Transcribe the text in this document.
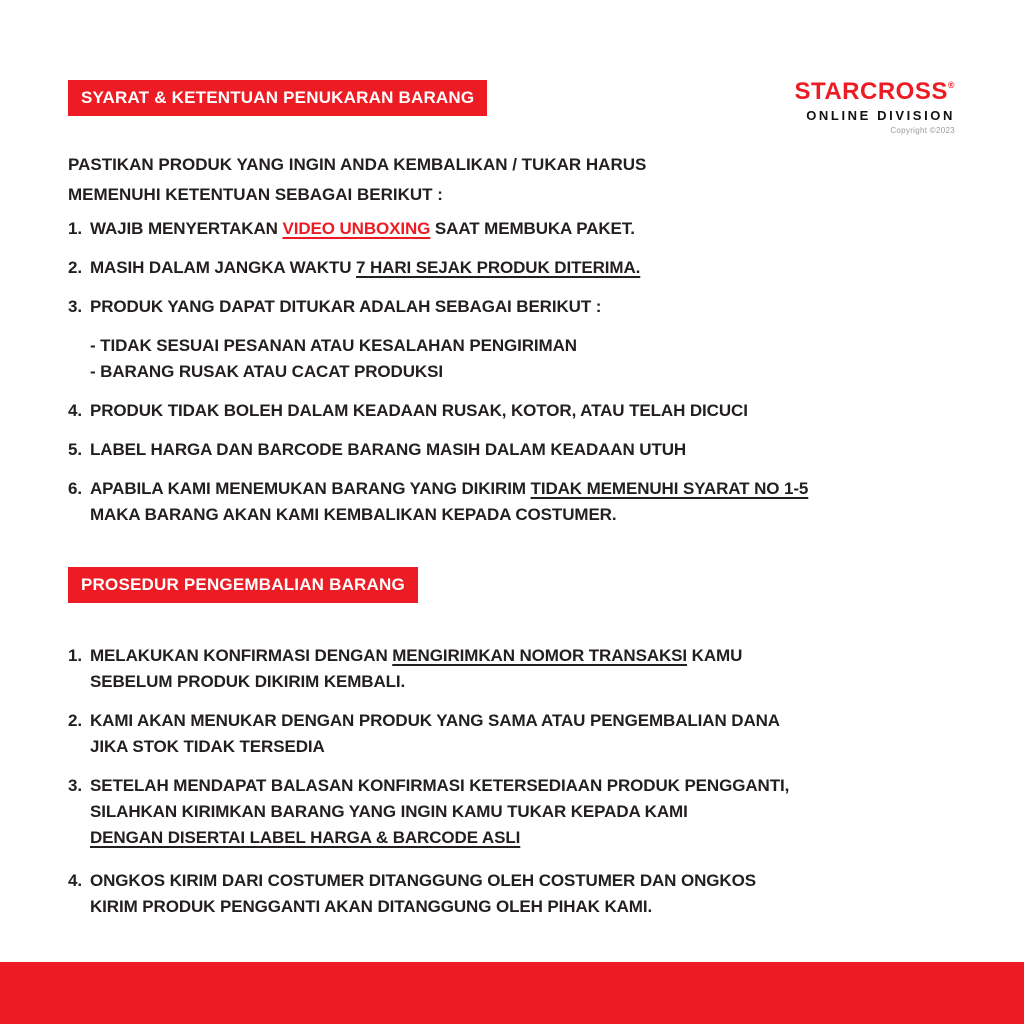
STARCROSS®
ONLINE DIVISION
Copyright ©2023
SYARAT & KETENTUAN PENUKARAN BARANG
PASTIKAN PRODUK YANG INGIN ANDA KEMBALIKAN / TUKAR HARUS
MEMENUHI KETENTUAN SEBAGAI BERIKUT :
1. WAJIB MENYERTAKAN VIDEO UNBOXING SAAT MEMBUKA PAKET.
2. MASIH DALAM JANGKA WAKTU 7 HARI SEJAK PRODUK DITERIMA.
3. PRODUK YANG DAPAT DITUKAR ADALAH SEBAGAI BERIKUT :
- TIDAK SESUAI PESANAN ATAU KESALAHAN PENGIRIMAN
- BARANG RUSAK ATAU CACAT PRODUKSI
4. PRODUK TIDAK BOLEH DALAM KEADAAN RUSAK, KOTOR, ATAU TELAH DICUCI
5. LABEL HARGA DAN BARCODE BARANG MASIH DALAM KEADAAN UTUH
6. APABILA KAMI MENEMUKAN BARANG YANG DIKIRIM TIDAK MEMENUHI SYARAT NO 1-5
MAKA BARANG AKAN KAMI KEMBALIKAN KEPADA COSTUMER.
PROSEDUR PENGEMBALIAN BARANG
1. MELAKUKAN KONFIRMASI DENGAN MENGIRIMKAN NOMOR TRANSAKSI KAMU
SEBELUM PRODUK DIKIRIM KEMBALI.
2. KAMI AKAN MENUKAR DENGAN PRODUK YANG SAMA ATAU PENGEMBALIAN DANA
JIKA STOK TIDAK TERSEDIA
3. SETELAH MENDAPAT BALASAN KONFIRMASI KETERSEDIAAN PRODUK PENGGANTI,
SILAHKAN KIRIMKAN BARANG YANG INGIN KAMU TUKAR KEPADA KAMI
DENGAN DISERTAI LABEL HARGA & BARCODE ASLI
4. ONGKOS KIRIM DARI COSTUMER DITANGGUNG OLEH COSTUMER DAN ONGKOS
KIRIM PRODUK PENGGANTI AKAN DITANGGUNG OLEH PIHAK KAMI.
